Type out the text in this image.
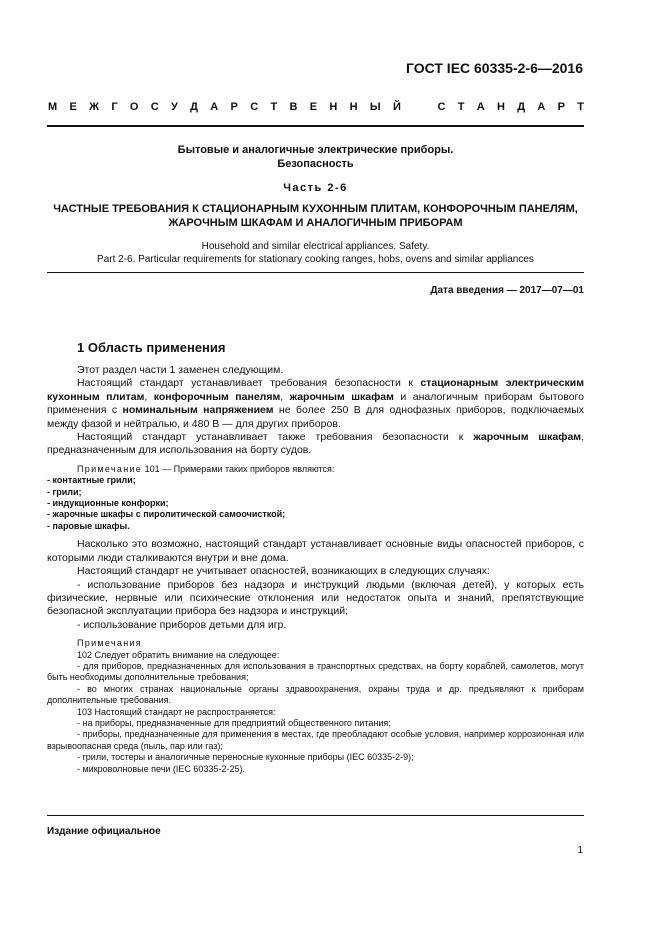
ГОСТ IEC 60335-2-6—2016
М Е Ж Г О С У Д А Р С Т В Е Н Н Ы Й	С Т А Н Д А Р Т
Бытовые и аналогичные электрические приборы.
Безопасность
Часть 2-6
ЧАСТНЫЕ ТРЕБОВАНИЯ К СТАЦИОНАРНЫМ КУХОННЫМ ПЛИТАМ, КОНФОРОЧНЫМ ПАНЕЛЯМ,
ЖАРОЧНЫМ ШКАФАМ И АНАЛОГИЧНЫМ ПРИБОРАМ
Household and similar electrical appliances. Safety.
Part 2-6. Particular requirements for stationary cooking ranges, hobs, ovens and similar appliances
Дата введения — 2017—07—01
1 Область применения

Этот раздел части 1 заменен следующим.

Настоящий стандарт устанавливает требования безопасности к стационарным электрическим кухонным плитам, конфорочным панелям, жарочным шкафам и аналогичным приборам бытового применения с номинальным напряжением не более 250 В для однофазных приборов, подключаемых между фазой и нейтралью, и 480 В — для других приборов.

Настоящий стандарт устанавливает также требования безопасности к жарочным шкафам, предназначенным для использования на борту судов.

Примечание 101 — Примерами таких приборов являются:

- контактные грили;

- грили;

- индукционные конфорки;

- жарочные шкафы с пиролитической самоочисткой;

- паровые шкафы.

Насколько это возможно, настоящий стандарт устанавливает основные виды опасностей приборов, с которыми люди сталкиваются внутри и вне дома.

Настоящий стандарт не учитывает опасностей, возникающих в следующих случаях:

- использование приборов без надзора и инструкций людьми (включая детей), у которых есть физические, нервные или психические отклонения или недостаток опыта и знаний, препятствующие безопасной эксплуатации прибора без надзора и инструкций;

- использование приборов детьми для игр.

Примечания

102 Следует обратить внимание на следующее:

- для приборов, предназначенных для использования в транспортных средствах, на борту кораблей, самолетов, могут быть необходимы дополнительные требования;

- во многих странах национальные органы здравоохранения, охраны труда и др. предъявляют к приборам дополнительные требования.

103 Настоящий стандарт не распространяется:

- на приборы, предназначенные для предприятий общественного питания;

- приборы, предназначенные для применения в местах, где преобладают особые условия, например коррозионная или взрывоопасная среда (пыль, пар или газ);

- грили, тостеры и аналогичные переносные кухонные приборы (IEC 60335-2-9);

- микроволновые печи (IEC 60335-2-25).

Издание официальное
1
